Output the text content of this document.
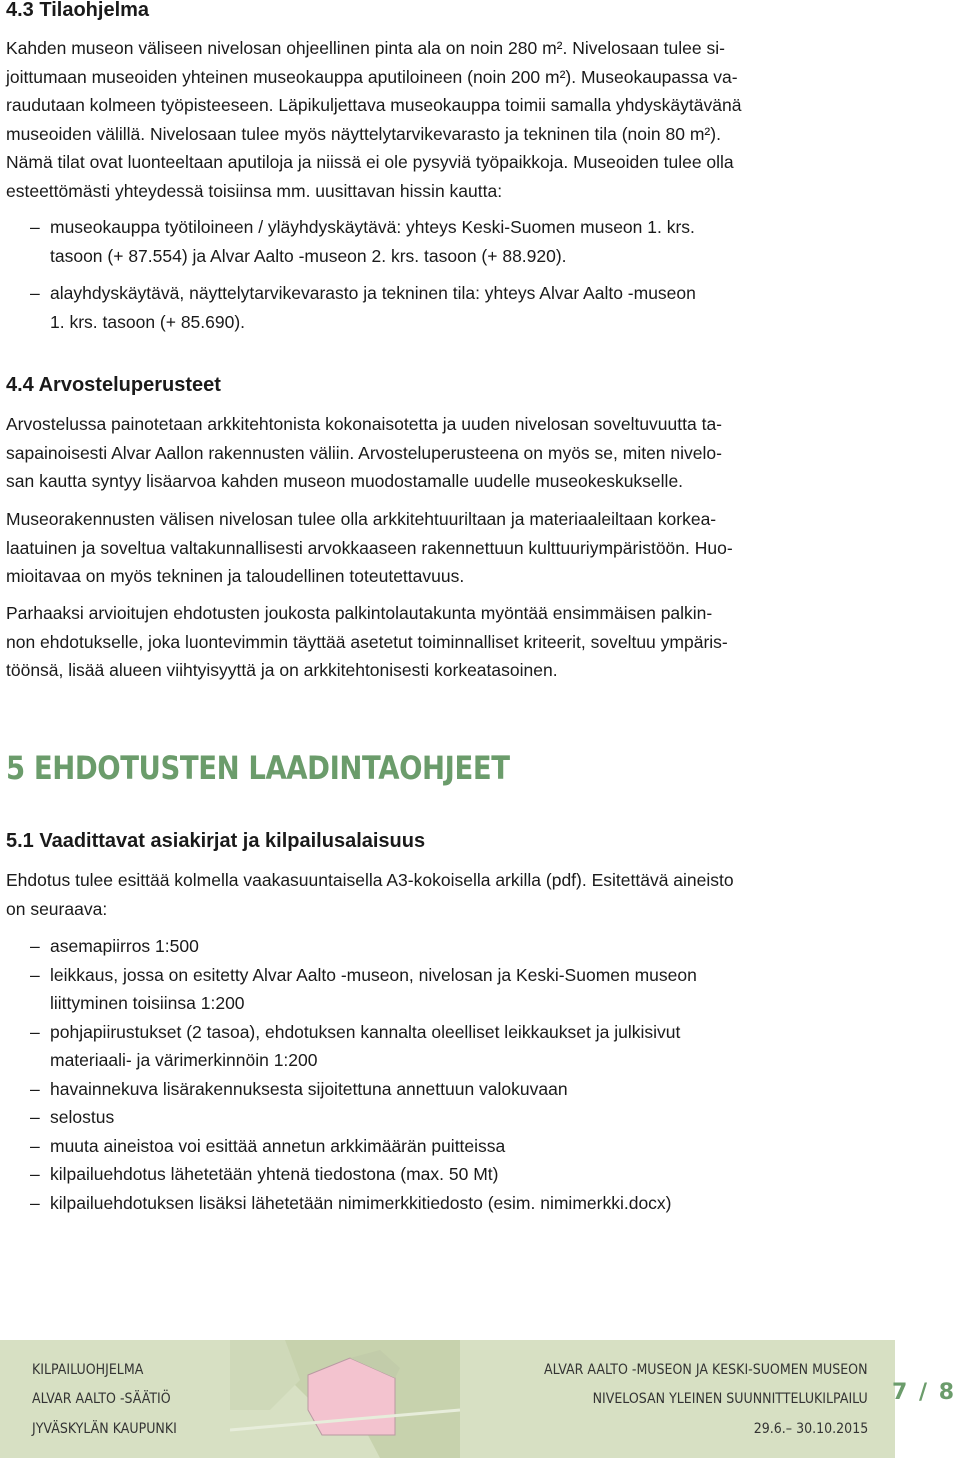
4.3 Tilaohjelma
Kahden museon väliseen nivelosan ohjeellinen pinta ala on noin 280 m². Nivelosaan tulee si-
joittumaan museoiden yhteinen museokauppa aputiloineen (noin 200 m²). Museokaupassa va-
raudutaan kolmeen työpisteeseen. Läpikuljettava museokauppa toimii samalla yhdyskäytävänä
museoiden välillä. Nivelosaan tulee myös näyttelytarvikevarasto ja tekninen tila (noin 80 m²).
Nämä tilat ovat luonteeltaan aputiloja ja niissä ei ole pysyviä työpaikkoja. Museoiden tulee olla
esteettömästi yhteydessä toisiinsa mm. uusittavan hissin kautta:
– museokauppa työtiloineen / yläyhdyskäytävä: yhteys Keski-Suomen museon 1. krs.
tasoon (+ 87.554) ja Alvar Aalto -museon 2. krs. tasoon (+ 88.920).
– alayhdyskäytävä, näyttelytarvikevarasto ja tekninen tila: yhteys Alvar Aalto -museon
1. krs. tasoon (+ 85.690).
4.4 Arvosteluperusteet
Arvostelussa painotetaan arkkitehtonista kokonaisotetta ja uuden nivelosan soveltuvuutta ta-
sapainoisesti Alvar Aallon rakennusten väliin. Arvosteluperusteena on myös se, miten nivelo-
san kautta syntyy lisäarvoa kahden museon muodostamalle uudelle museokeskukselle.
Museorakennusten välisen nivelosan tulee olla arkkitehtuuriltaan ja materiaaleiltaan korkea-
laatuinen ja soveltua valtakunnallisesti arvokkaaseen rakennettuun kulttuuriympäristöön. Huo-
mioitavaa on myös tekninen ja taloudellinen toteutettavuus.
Parhaaksi arvioitujen ehdotusten joukosta palkintolautakunta myöntää ensimmäisen palkin-
non ehdotukselle, joka luontevimmin täyttää asetetut toiminnalliset kriteerit, soveltuu ympäris-
töönsä, lisää alueen viihtyisyyttä ja on arkkitehtonisesti korkeatasoinen.
5 EHDOTUSTEN LAADINTAOHJEET
5.1 Vaadittavat asiakirjat ja kilpailusalaisuus
Ehdotus tulee esittää kolmella vaakasuuntaisella A3-kokoisella arkilla (pdf). Esitettävä aineisto
on seuraava:
– asemapiirros 1:500
– leikkaus, jossa on esitetty Alvar Aalto -museon, nivelosan ja Keski-Suomen museon
liittyminen toisiinsa 1:200
– pohjapiirustukset (2 tasoa), ehdotuksen kannalta oleelliset leikkaukset ja julkisivut
materiaali- ja värimerkinnöin 1:200
– havainnekuva lisärakennuksesta sijoitettuna annettuun valokuvaan
– selostus
– muuta aineistoa voi esittää annetun arkkimäärän puitteissa
– kilpailuehdotus lähetetään yhtenä tiedostona (max. 50 Mt)
– kilpailuehdotuksen lisäksi lähetetään nimimerkkitiedosto (esim. nimimerkki.docx)
KILPAILUOHJELMA
ALVAR AALTO -SÄÄTIÖ
JYVÄSKYLÄN KAUPUNKI
ALVAR AALTO -MUSEON JA KESKI-SUOMEN MUSEON
NIVELOSAN YLEINEN SUUNNITTELUKILPAILU
29.6.– 30.10.2015
7 / 8
